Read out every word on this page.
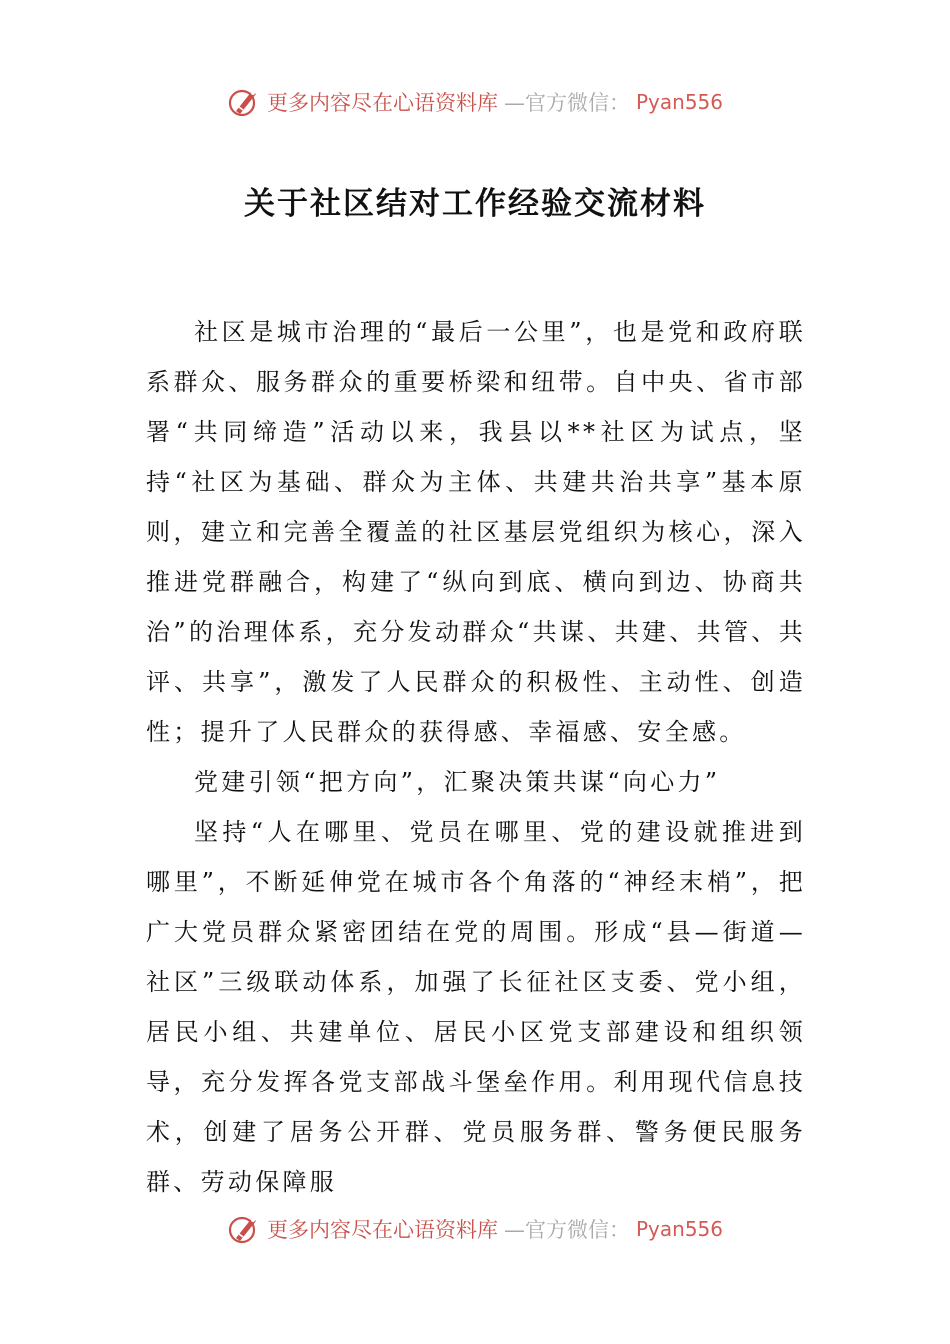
更多内容尽在心语资料库 —官方微信： Pyan556
关于社区结对工作经验交流材料

社区是城市治理的“最后一公里”，也是党和政府联系群众、服务群众的重要桥梁和纽带。自中央、省市部署“共同缔造”活动以来，我县以**社区为试点，坚持“社区为基础、群众为主体、共建共治共享”基本原则，建立和完善全覆盖的社区基层党组织为核心，深入推进党群融合，构建了“纵向到底、横向到边、协商共治”的治理体系，充分发动群众“共谋、共建、共管、共评、共享”，激发了人民群众的积极性、主动性、创造性；提升了人民群众的获得感、幸福感、安全感。

党建引领“把方向”，汇聚决策共谋“向心力”

坚持“人在哪里、党员在哪里、党的建设就推进到哪里”，不断延伸党在城市各个角落的“神经末梢”，把广大党员群众紧密团结在党的周围。形成“县—街道—社区”三级联动体系，加强了长征社区支委、党小组，居民小组、共建单位、居民小区党支部建设和组织领导，充分发挥各党支部战斗堡垒作用。利用现代信息技术，创建了居务公开群、党员服务群、警务便民服务群、劳动保障服

更多内容尽在心语资料库 —官方微信： Pyan556
